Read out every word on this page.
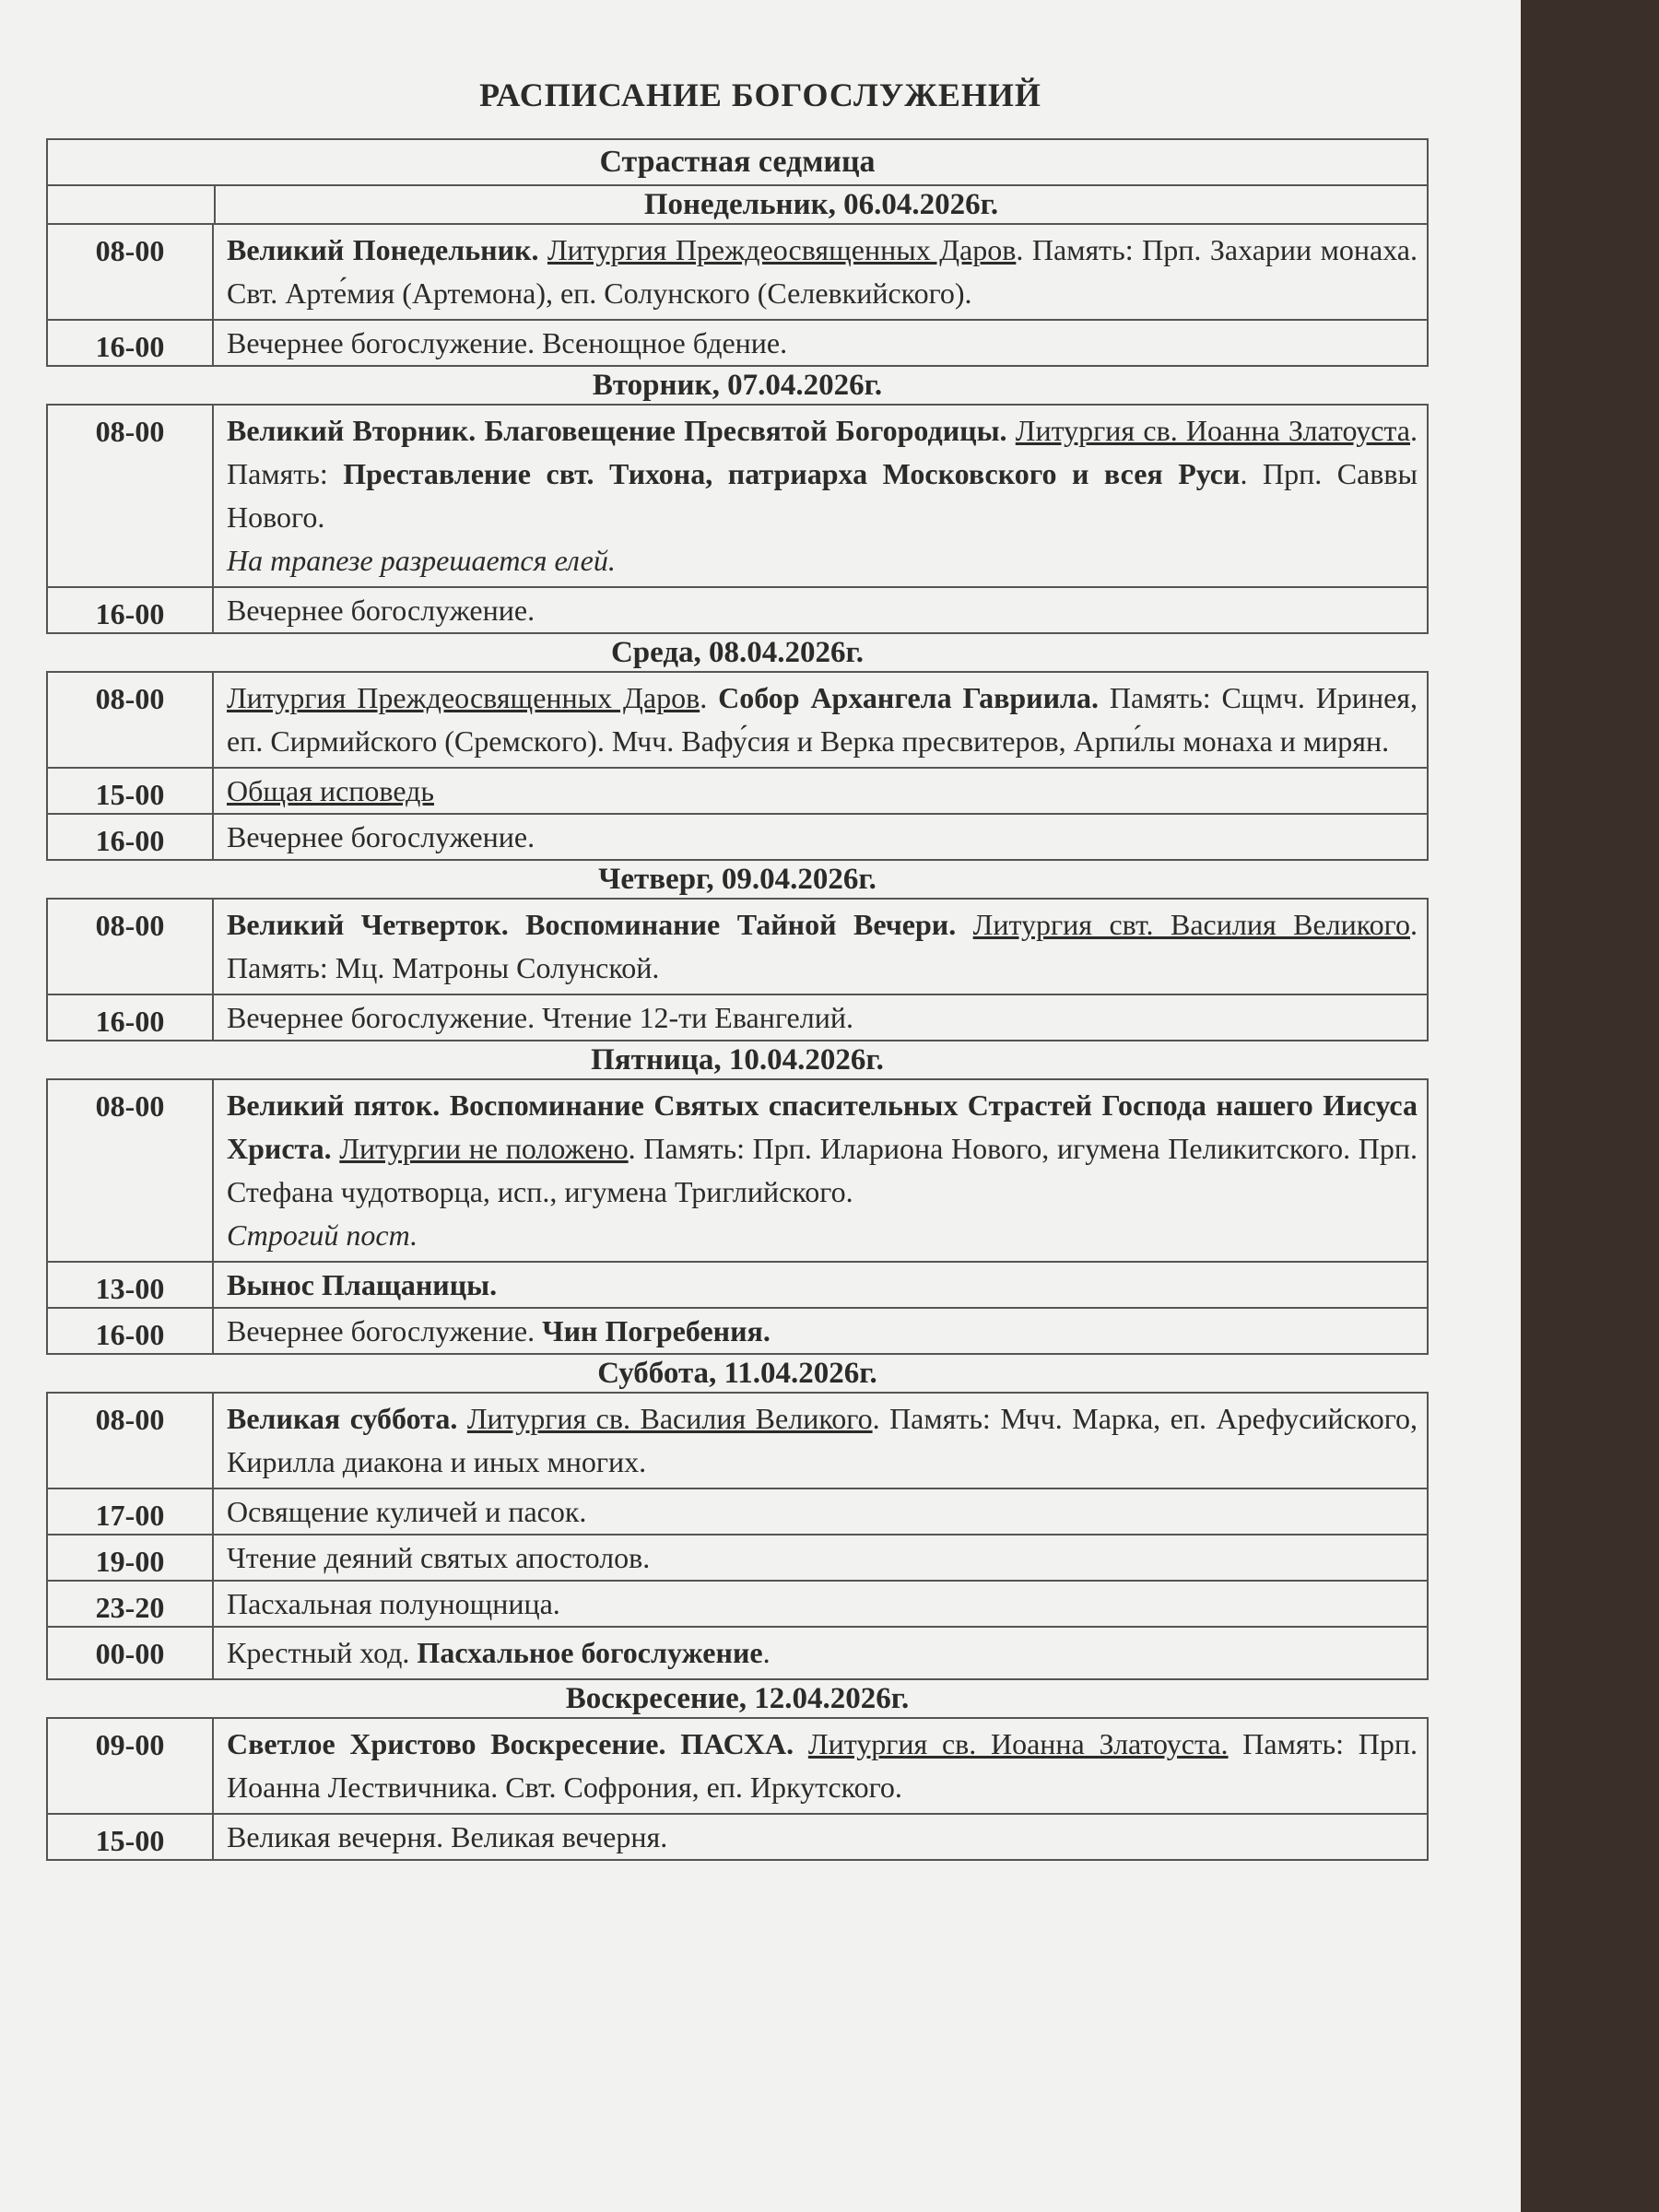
РАСПИСАНИЕ БОГОСЛУЖЕНИЙ
Страстная седмица
Понедельник, 06.04.2026г.
08-00	Великий Понедельник. Литургия Преждеосвященных Даров. Память: Прп. Захарии монаха. Свт. Арте́мия (Артемона), еп. Солунского (Селевкийского).
16-00	Вечернее богослужение. Всенощное бдение.
Вторник, 07.04.2026г.
08-00	Великий Вторник. Благовещение Пресвятой Богородицы. Литургия св. Иоанна Златоуста. Память: Преставление свт. Тихона, патриарха Московского и всея Руси. Прп. Саввы Нового.
На трапезе разрешается елей.
16-00	Вечернее богослужение.
Среда, 08.04.2026г.
08-00	Литургия Преждеосвященных Даров. Собор Архангела Гавриила. Память: Сщмч. Иринея, еп. Сирмийского (Сремского). Мчч. Вафу́сия и Верка пресвитеров, Арпи́лы монаха и мирян.
15-00	Общая исповедь
16-00	Вечернее богослужение.
Четверг, 09.04.2026г.
08-00	Великий Четверток. Воспоминание Тайной Вечери. Литургия свт. Василия Великого. Память: Мц. Матроны Солунской.
16-00	Вечернее богослужение. Чтение 12-ти Евангелий.
Пятница, 10.04.2026г.
08-00	Великий пяток. Воспоминание Святых спасительных Страстей Господа нашего Иисуса Христа. Литургии не положено. Память: Прп. Илариона Нового, игумена Пеликитского. Прп. Стефана чудотворца, исп., игумена Триглийского.
Строгий пост.
13-00	Вынос Плащаницы.
16-00	Вечернее богослужение. Чин Погребения.
Суббота, 11.04.2026г.
08-00	Великая суббота. Литургия св. Василия Великого. Память: Мчч. Марка, еп. Арефусийского, Кирилла диакона и иных многих.
17-00	Освящение куличей и пасок.
19-00	Чтение деяний святых апостолов.
23-20	Пасхальная полунощница.
00-00	Крестный ход. Пасхальное богослужение.
Воскресение, 12.04.2026г.
09-00	Светлое Христово Воскресение. ПАСХА. Литургия св. Иоанна Златоуста. Память: Прп. Иоанна Лествичника. Свт. Софрония, еп. Иркутского.
15-00	Великая вечерня. Великая вечерня.
